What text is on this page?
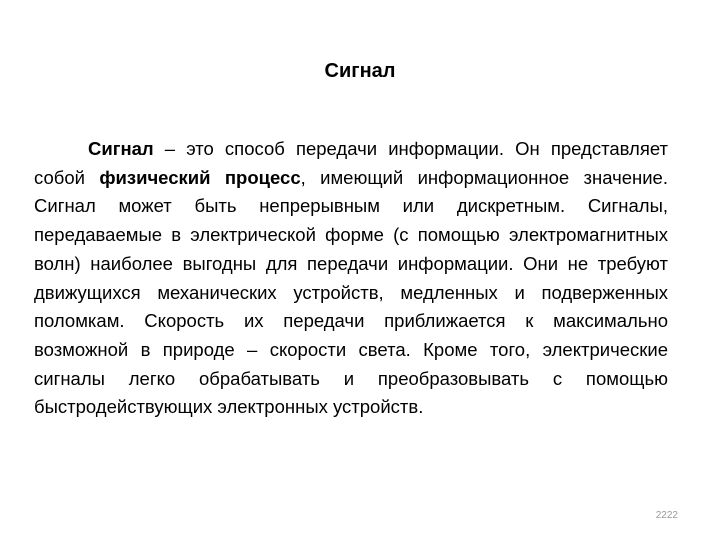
Сигнал

Сигнал – это способ передачи информации. Он представляет собой физический процесс, имеющий информационное значение. Сигнал может быть непрерывным или дискретным. Сигналы, передаваемые в электрической форме (с помощью электромагнитных волн) наиболее выгодны для передачи информации. Они не требуют движущихся механических устройств, медленных и подверженных поломкам. Скорость их передачи приближается к максимально возможной в природе – скорости света. Кроме того, электрические сигналы легко обрабатывать и преобразовывать с помощью быстродействующих электронных устройств.

2222
